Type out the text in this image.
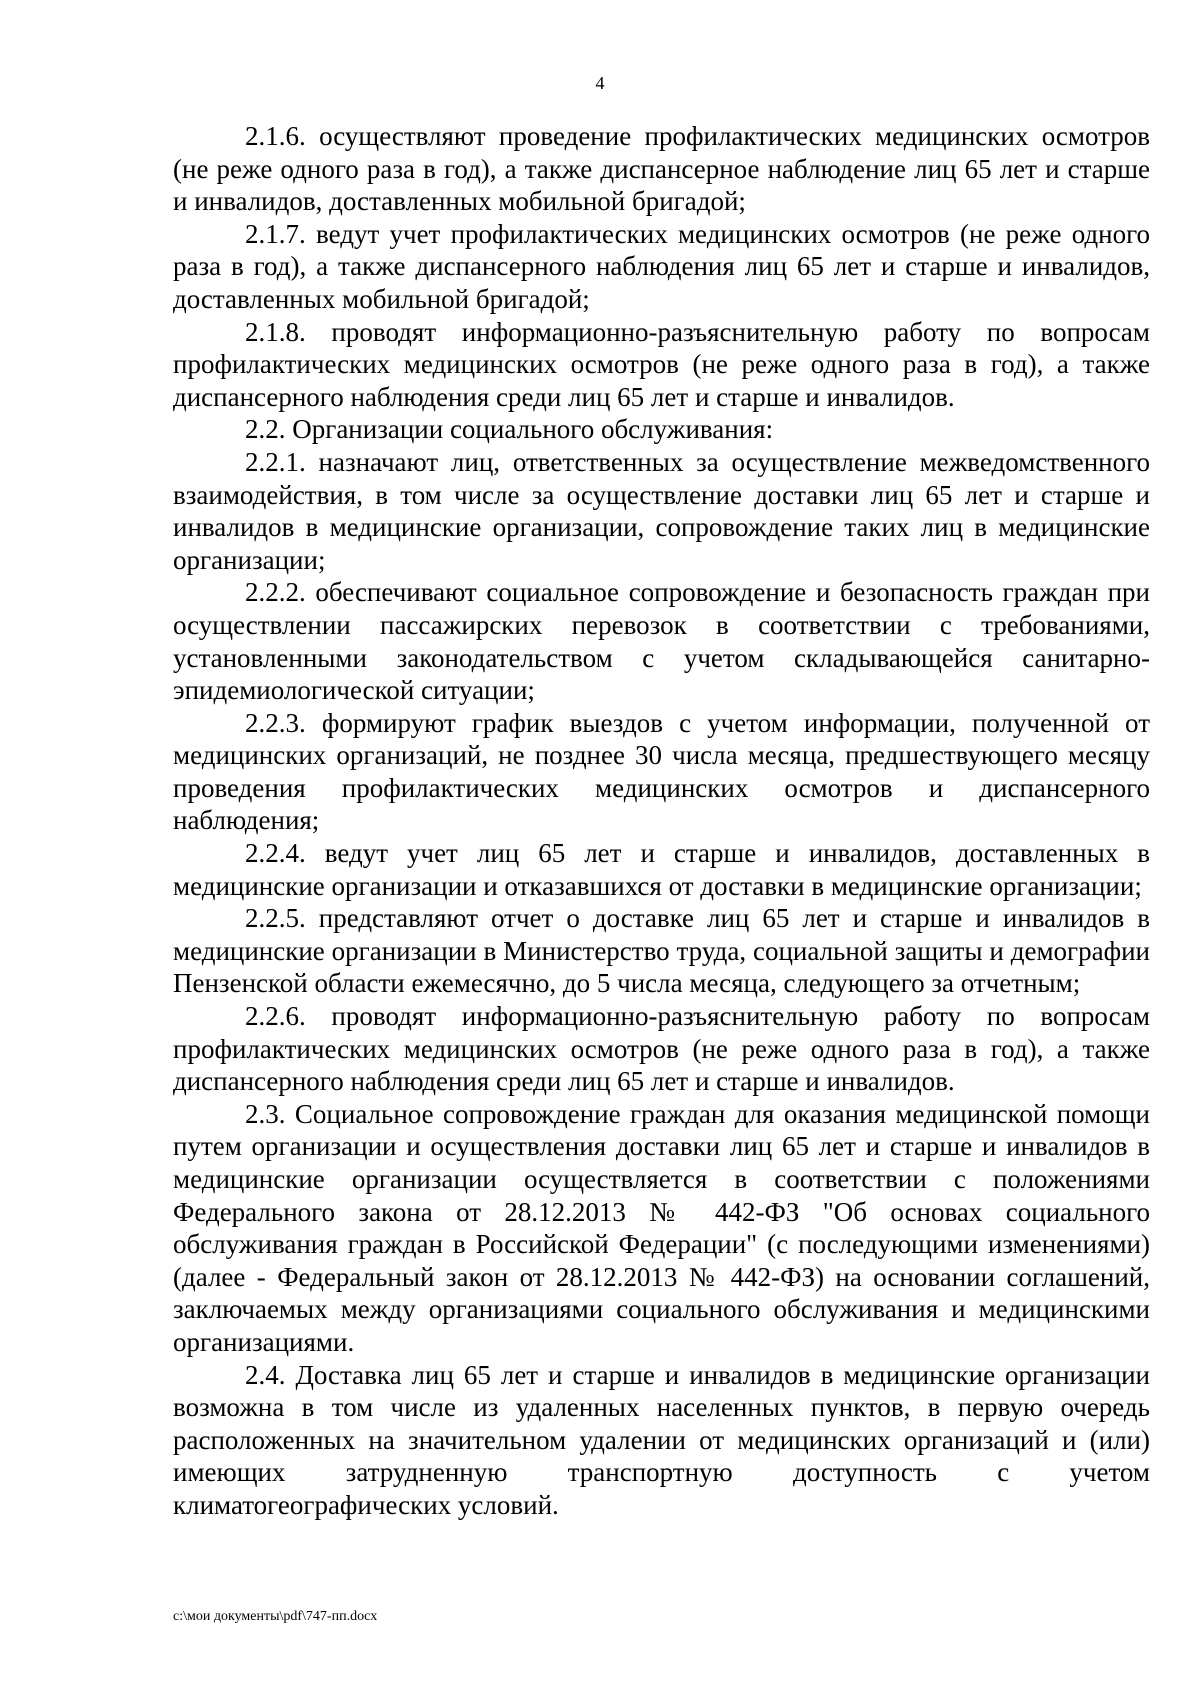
4

2.1.6. осуществляют проведение профилактических медицинских осмотров (не реже одного раза в год), а также диспансерное наблюдение лиц 65 лет и старше и инвалидов, доставленных мобильной бригадой;

2.1.7. ведут учет профилактических медицинских осмотров (не реже одного раза в год), а также диспансерного наблюдения лиц 65 лет и старше и инвалидов, доставленных мобильной бригадой;

2.1.8. проводят информационно-разъяснительную работу по вопросам профилактических медицинских осмотров (не реже одного раза в год), а также диспансерного наблюдения среди лиц 65 лет и старше и инвалидов.

2.2. Организации социального обслуживания:

2.2.1. назначают лиц, ответственных за осуществление межведомственного взаимодействия, в том числе за осуществление доставки лиц 65 лет и старше и инвалидов в медицинские организации, сопровождение таких лиц в медицинские организации;

2.2.2. обеспечивают социальное сопровождение и безопасность граждан при осуществлении пассажирских перевозок в соответствии с требованиями, установленными законодательством с учетом складывающейся санитарно-эпидемиологической ситуации;

2.2.3. формируют график выездов с учетом информации, полученной от медицинских организаций, не позднее 30 числа месяца, предшествующего месяцу проведения профилактических медицинских осмотров и диспансерного наблюдения;

2.2.4. ведут учет лиц 65 лет и старше и инвалидов, доставленных в медицинские организации и отказавшихся от доставки в медицинские организации;

2.2.5. представляют отчет о доставке лиц 65 лет и старше и инвалидов в медицинские организации в Министерство труда, социальной защиты и демографии Пензенской области ежемесячно, до 5 числа месяца, следующего за отчетным;

2.2.6. проводят информационно-разъяснительную работу по вопросам профилактических медицинских осмотров (не реже одного раза в год), а также диспансерного наблюдения среди лиц 65 лет и старше и инвалидов.

2.3. Социальное сопровождение граждан для оказания медицинской помощи путем организации и осуществления доставки лиц 65 лет и старше и инвалидов в медицинские организации осуществляется в соответствии с положениями Федерального закона от 28.12.2013 № 442-ФЗ "Об основах социального обслуживания граждан в Российской Федерации" (с последующими изменениями) (далее - Федеральный закон от 28.12.2013 № 442-ФЗ) на основании соглашений, заключаемых между организациями социального обслуживания и медицинскими организациями.

2.4. Доставка лиц 65 лет и старше и инвалидов в медицинские организации возможна в том числе из удаленных населенных пунктов, в первую очередь расположенных на значительном удалении от медицинских организаций и (или) имеющих затрудненную транспортную доступность с учетом климатогеографических условий.

c:\мои документы\pdf\747-пп.docx
